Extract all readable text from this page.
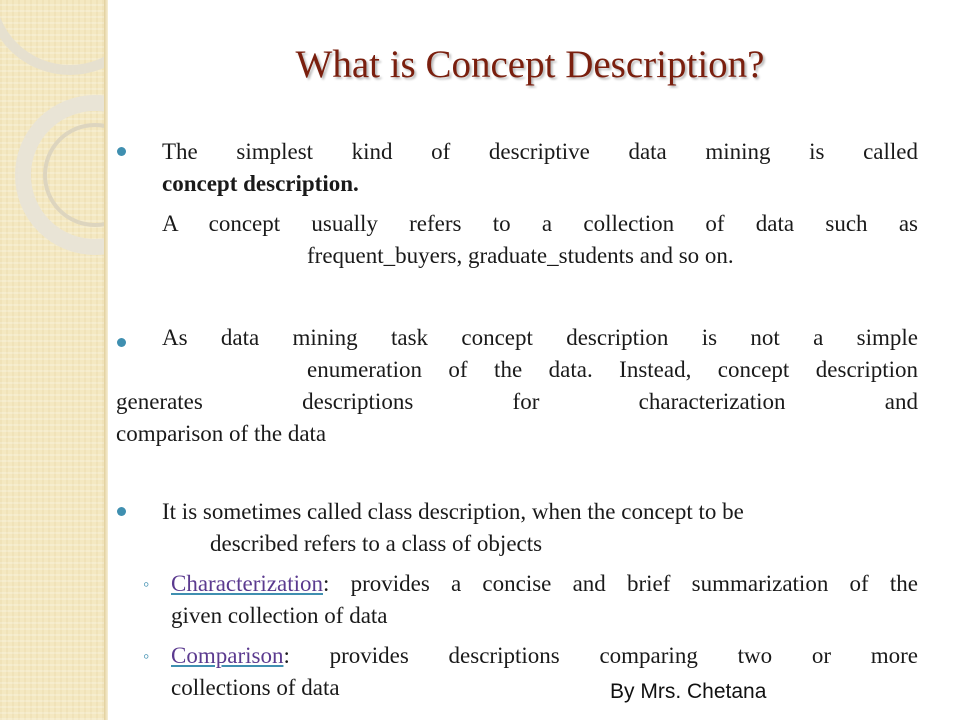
What is Concept Description?
The simplest kind of descriptive data mining is called
concept description.
A concept usually refers to a collection of data such as
frequent_buyers, graduate_students and so on.
As data mining task concept description is not a simple
enumeration of the data. Instead, concept description
generates descriptions for characterization and
comparison of the data
It is sometimes called class description, when the concept to be
described refers to a class of objects
◦ Characterization: provides a concise and brief summarization of the
given collection of data
◦ Comparison: provides descriptions comparing two or more
collections of data	By Mrs. Chetana
